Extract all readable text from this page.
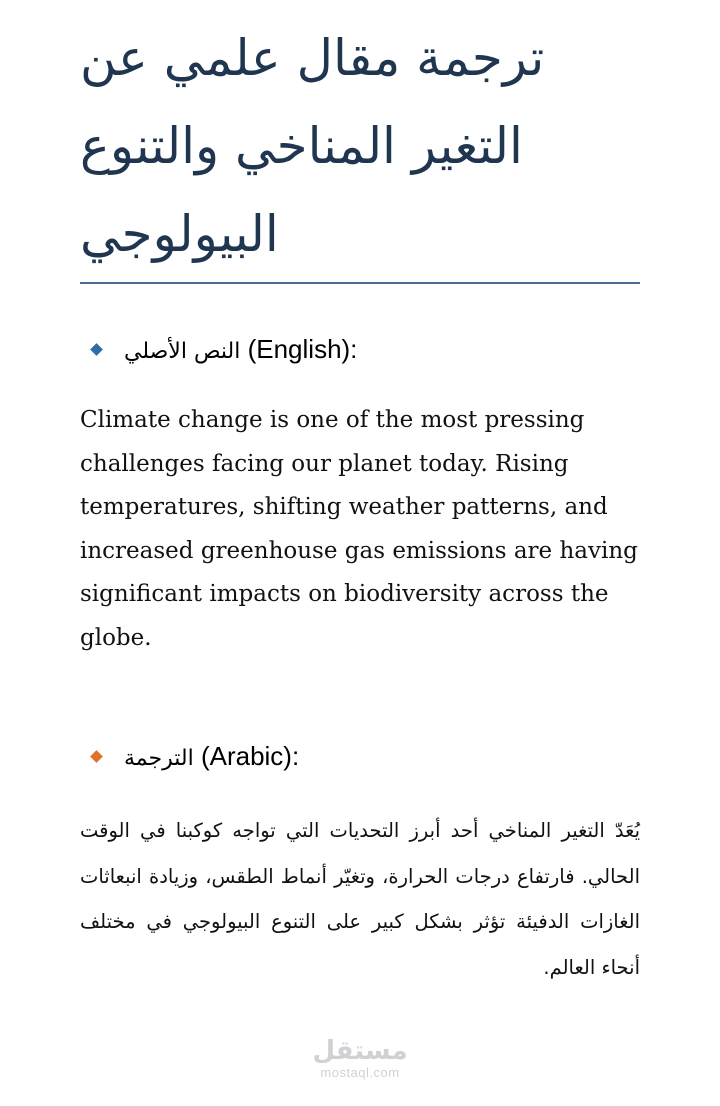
ترجمة مقال علمي عن التغير المناخي والتنوع البيولوجي
النص الأصلي (English):

Climate change is one of the most pressing challenges facing our planet today. Rising temperatures, shifting weather patterns, and increased greenhouse gas emissions are having significant impacts on biodiversity across the globe.

الترجمة (Arabic):

يُعَدّ التغير المناخي أحد أبرز التحديات التي تواجه كوكبنا في الوقت الحالي. فارتفاع درجات الحرارة، وتغيّر أنماط الطقس، وزيادة انبعاثات الغازات الدفيئة تؤثر بشكل كبير على التنوع البيولوجي في مختلف أنحاء العالم.

مستقل
mostaql.com
